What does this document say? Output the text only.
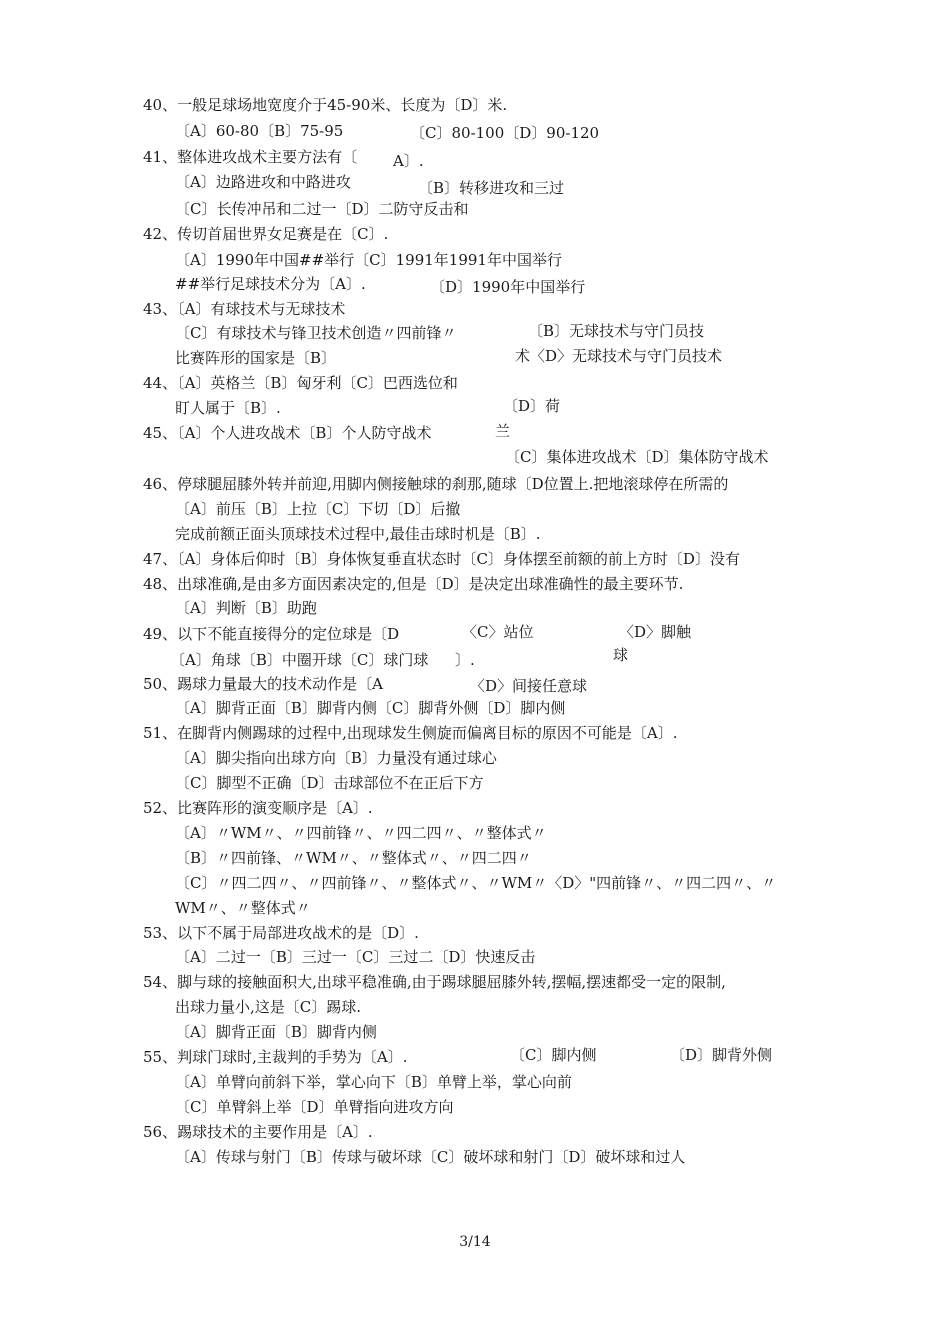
40、一般足球场地宽度介于45-90米、长度为〔D〕米.
〔A〕60-80〔B〕75-95	〔C〕80-100〔D〕90-120
41、整体进攻战术主要方法有〔 A〕.
〔A〕边路进攻和中路进攻	〔B〕转移进攻和三过
〔C〕长传冲吊和二过一〔D〕二防守反击和
42、传切首届世界女足赛是在〔C〕.
〔A〕1990年中国##举行〔C〕1991年1991年中国举行
##举行足球技术分为〔A〕.	〔D〕1990年中国举行
43、〔A〕有球技术与无球技术
〔B〕无球技术与守门员技
〔C〕有球技术与锋卫技术创造〃四前锋〃
比赛阵形的国家是〔B〕	术〈D〉无球技术与守门员技术
44、〔A〕英格兰〔B〕匈牙利〔C〕巴西选位和
〔D〕荷
盯人属于〔B〕.
45、〔A〕个人进攻战术〔B〕个人防守战术	兰
〔C〕集体进攻战术〔D〕集体防守战术
46、停球腿屈膝外转并前迎,用脚内侧接触球的刹那,随球〔D位置上.把地滚球停在所需的
〔A〕前压〔B〕上拉〔C〕下切〔D〕后撤
完成前额正面头顶球技术过程中,最佳击球时机是〔B〕.
47、〔A〕身体后仰时〔B〕身体恢复垂直状态时〔C〕身体摆至前额的前上方时〔D〕没有
48、出球准确,是由多方面因素决定的,但是〔D〕是决定出球准确性的最主要环节.
〔A〕判断〔B〕助跑
49、以下不能直接得分的定位球是〔D	〈C〉站位	〈D〉脚触
〔A〕角球〔B〕中圈开球〔C〕球门球 〕.	球
50、踢球力量最大的技术动作是〔A	〈D〉间接任意球
〔A〕脚背正面〔B〕脚背内侧〔C〕脚背外侧〔D〕脚内侧
51、在脚背内侧踢球的过程中,出现球发生侧旋而偏离目标的原因不可能是〔A〕.
〔A〕脚尖指向出球方向〔B〕力量没有通过球心
〔C〕脚型不正确〔D〕击球部位不在正后下方
52、比赛阵形的演变顺序是〔A〕.
〔A〕〃WM〃、〃四前锋〃、〃四二四〃、〃整体式〃
〔B〕〃四前锋、〃WM〃、〃整体式〃、〃四二四〃
〔C〕〃四二四〃、〃四前锋〃、〃整体式〃、〃WM〃〈D〉"四前锋〃、〃四二四〃、〃
WM〃、〃整体式〃
53、以下不属于局部进攻战术的是〔D〕.
〔A〕二过一〔B〕三过一〔C〕三过二〔D〕快速反击
54、脚与球的接触面积大,出球平稳准确,由于踢球腿屈膝外转,摆幅,摆速都受一定的限制,
出球力量小,这是〔C〕踢球.
〔A〕脚背正面〔B〕脚背内侧
55、判球门球时,主裁判的手势为〔A〕.	〔C〕脚内侧	〔D〕脚背外侧
〔A〕单臂向前斜下举，掌心向下〔B〕单臂上举，掌心向前
〔C〕单臂斜上举〔D〕单臂指向进攻方向
56、踢球技术的主要作用是〔A〕.
〔A〕传球与射门〔B〕传球与破坏球〔C〕破坏球和射门〔D〕破坏球和过人
3/14
